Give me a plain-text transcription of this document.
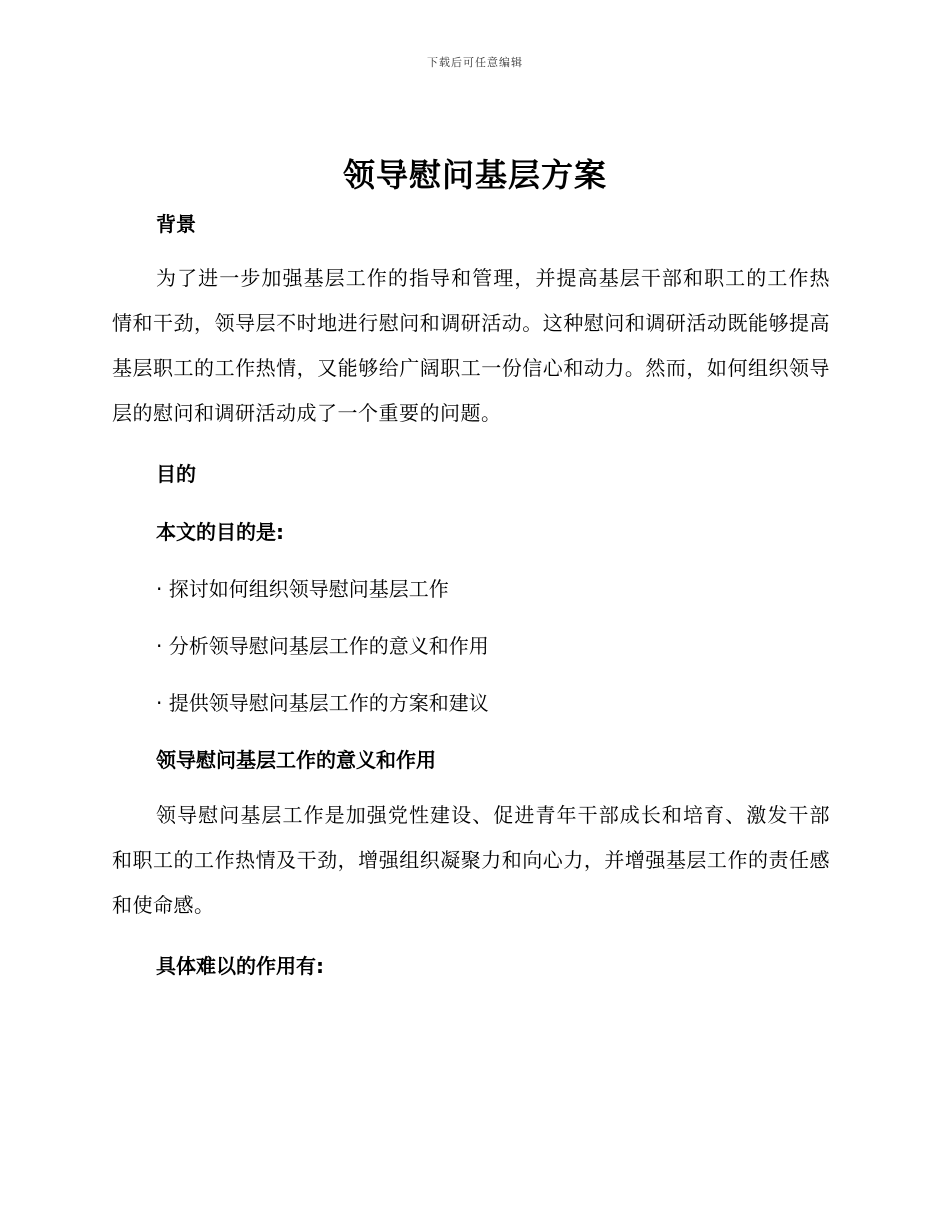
下载后可任意编辑
领导慰问基层方案
背景

为了进一步加强基层工作的指导和管理，并提高基层干部和职工的工作热情和干劲，领导层不时地进行慰问和调研活动。这种慰问和调研活动既能够提高基层职工的工作热情，又能够给广阔职工一份信心和动力。然而，如何组织领导层的慰问和调研活动成了一个重要的问题。

目的
本文的目的是:
· 探讨如何组织领导慰问基层工作
· 分析领导慰问基层工作的意义和作用
· 提供领导慰问基层工作的方案和建议
领导慰问基层工作的意义和作用

领导慰问基层工作是加强党性建设、促进青年干部成长和培育、激发干部和职工的工作热情及干劲，增强组织凝聚力和向心力，并增强基层工作的责任感和使命感。

具体难以的作用有:
